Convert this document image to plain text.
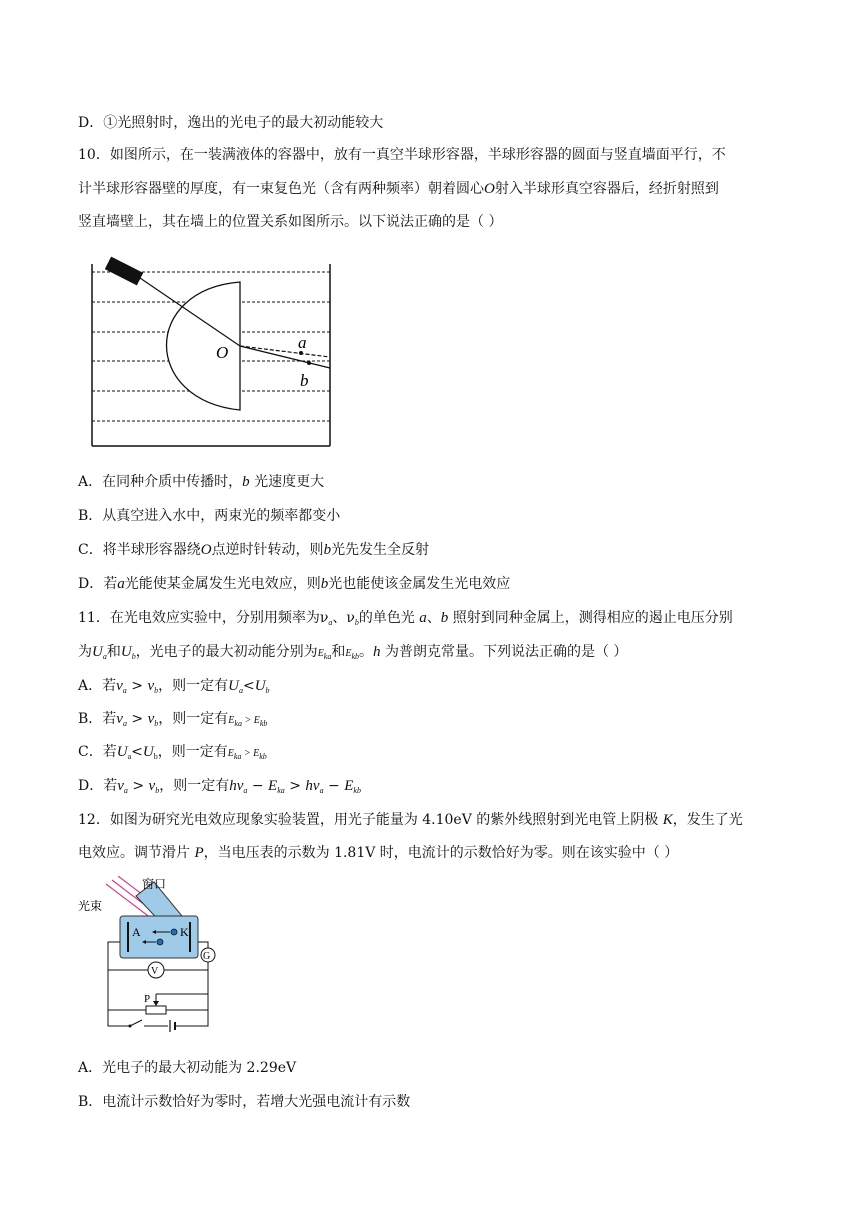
D．①光照射时，逸出的光电子的最大初动能较大
10．如图所示，在一装满液体的容器中，放有一真空半球形容器，半球形容器的圆面与竖直墙面平行，不
计半球形容器壁的厚度，有一束复色光（含有两种频率）朝着圆心O射入半球形真空容器后，经折射照到
竖直墙壁上，其在墙上的位置关系如图所示。以下说法正确的是（ ）
O
a
b
A．在同种介质中传播时，b 光速度更大
B．从真空进入水中，两束光的频率都变小
C．将半球形容器绕O点逆时针转动，则b光先发生全反射
D．若a光能使某金属发生光电效应，则b光也能使该金属发生光电效应
11．在光电效应实验中，分别用频率为$\nu_a$、$\nu_b$的单色光 a、b 照射到同种金属上，测得相应的遏止电压分别
为$U_a$和$U_b$，光电子的最大初动能分别为$E_{ka}$和$E_{kb}$。h 为普朗克常量。下列说法正确的是（ ）
A．若$\nu_a > \nu_b$，则一定有$U_a<U_b$
B．若$\nu_a > \nu_b$，则一定有$E_{ka} > E_{kb}$
C．若$U_a<U_b$，则一定有$E_{ka} > E_{kb}$
D．若$\nu_a > \nu_b$，则一定有$h\nu_a - E_{ka} > h\nu_a - E_{kb}$
12．如图为研究光电效应现象实验装置，用光子能量为 4.10eV 的紫外线照射到光电管上阴极 K，发生了光
电效应。调节滑片 P，当电压表的示数为 1.81V 时，电流计的示数恰好为零。则在该实验中（ ）
A	K
光束
窗口
G
V
P
A．光电子的最大初动能为 2.29eV
B．电流计示数恰好为零时，若增大光强电流计有示数
